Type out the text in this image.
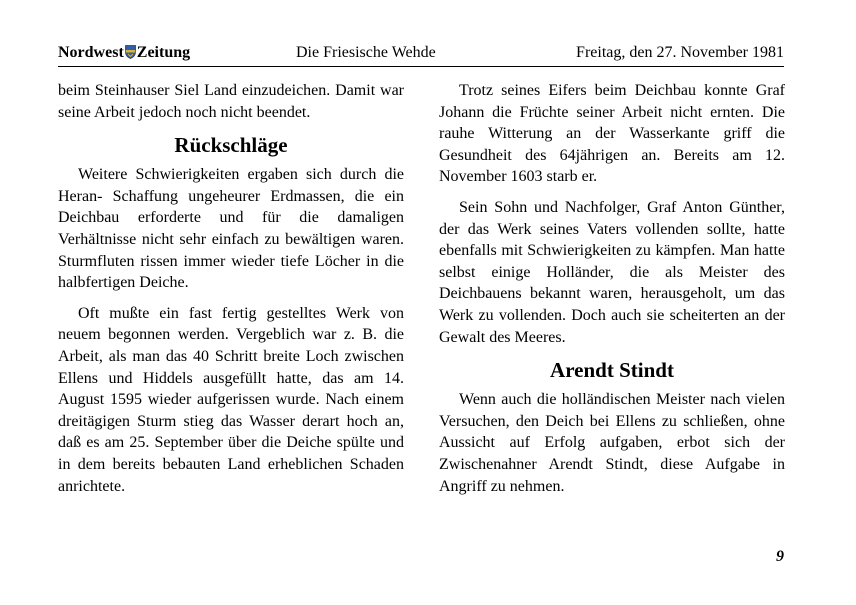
Nordwest Zeitung	Die Friesische Wehde	Freitag, den 27. November 1981

beim Steinhauser Siel Land einzudeichen. Damit war seine Arbeit jedoch noch nicht beendet.

Rückschläge

Weitere Schwierigkeiten ergaben sich durch die Heran- Schaffung ungeheurer Erdmassen, die ein Deichbau erforderte und für die damaligen Verhältnisse nicht sehr einfach zu bewältigen waren. Sturmfluten rissen immer wieder tiefe Löcher in die halbfertigen Deiche.

Oft mußte ein fast fertig gestelltes Werk von neuem begonnen werden. Vergeblich war z. B. die Arbeit, als man das 40 Schritt breite Loch zwischen Ellens und Hiddels ausgefüllt hatte, das am 14. August 1595 wieder aufgerissen wurde. Nach einem dreitägigen Sturm stieg das Wasser derart hoch an, daß es am 25. September über die Deiche spülte und in dem bereits bebauten Land erheblichen Schaden anrichtete.

Trotz seines Eifers beim Deichbau konnte Graf Johann die Früchte seiner Arbeit nicht ernten. Die rauhe Witterung an der Wasserkante griff die Gesundheit des 64jährigen an. Bereits am 12. November 1603 starb er.

Sein Sohn und Nachfolger, Graf Anton Günther, der das Werk seines Vaters vollenden sollte, hatte ebenfalls mit Schwierigkeiten zu kämpfen. Man hatte selbst einige Holländer, die als Meister des Deichbauens bekannt waren, herausgeholt, um das Werk zu vollenden. Doch auch sie scheiterten an der Gewalt des Meeres.

Arendt Stindt

Wenn auch die holländischen Meister nach vielen Versuchen, den Deich bei Ellens zu schließen, ohne Aussicht auf Erfolg aufgaben, erbot sich der Zwischenahner Arendt Stindt, diese Aufgabe in Angriff zu nehmen.

9
